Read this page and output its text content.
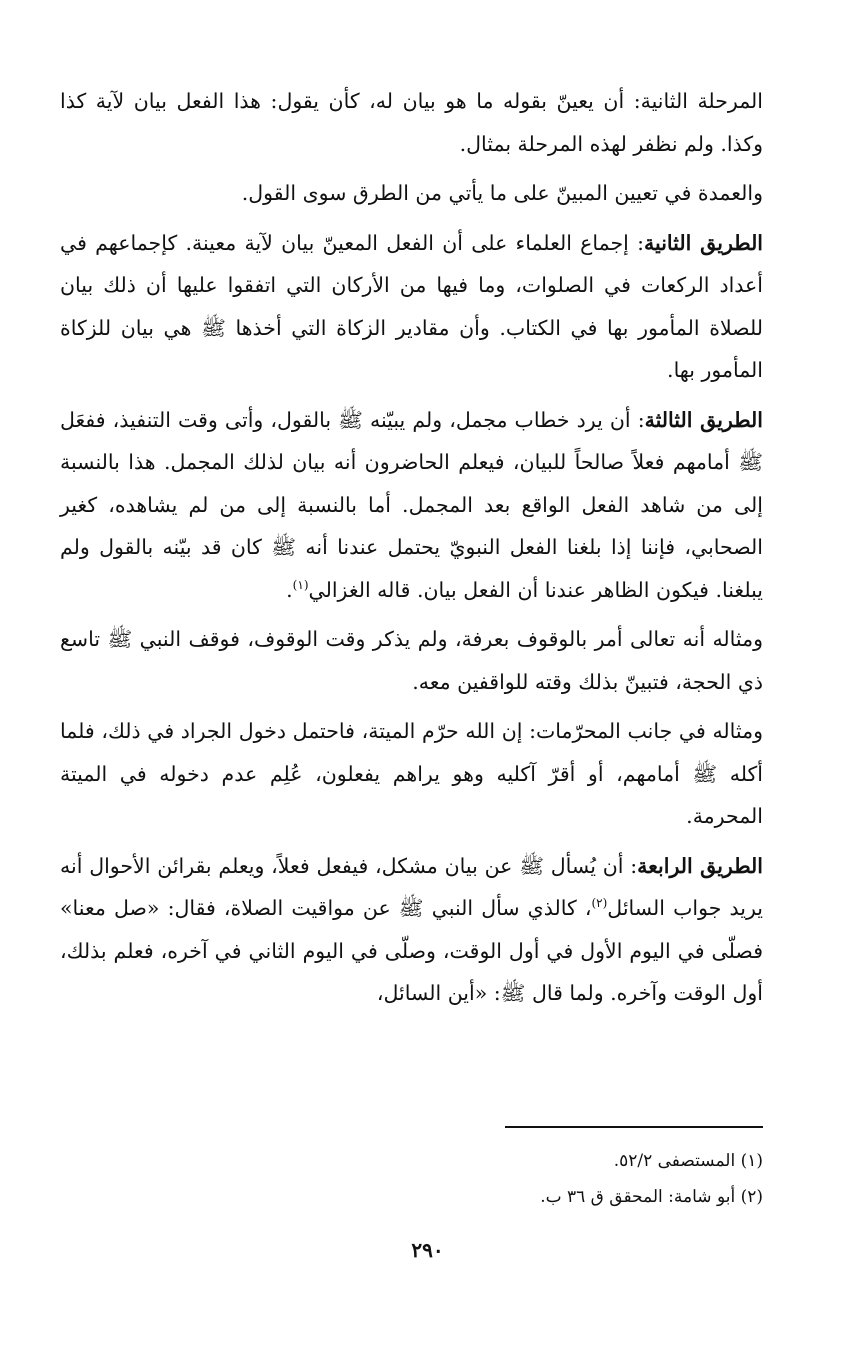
المرحلة الثانية: أن يعينّ بقوله ما هو بيان له، كأن يقول: هذا الفعل بيان لآية كذا وكذا. ولم نظفر لهذه المرحلة بمثال.

والعمدة في تعيين المبينّ على ما يأتي من الطرق سوى القول.

الطريق الثانية: إجماع العلماء على أن الفعل المعينّ بيان لآية معينة. كإجماعهم في أعداد الركعات في الصلوات، وما فيها من الأركان التي اتفقوا عليها أن ذلك بيان للصلاة المأمور بها في الكتاب. وأن مقادير الزكاة التي أخذها ﷺ هي بيان للزكاة المأمور بها.

الطريق الثالثة: أن يرد خطاب مجمل، ولم يبيّنه ﷺ بالقول، وأتى وقت التنفيذ، ففعَل ﷺ أمامهم فعلاً صالحاً للبيان، فيعلم الحاضرون أنه بيان لذلك المجمل. هذا بالنسبة إلى من شاهد الفعل الواقع بعد المجمل. أما بالنسبة إلى من لم يشاهده، كغير الصحابي، فإننا إذا بلغنا الفعل النبويّ يحتمل عندنا أنه ﷺ كان قد بيّنه بالقول ولم يبلغنا. فيكون الظاهر عندنا أن الفعل بيان. قاله الغزالي$^{(١)}$.

ومثاله أنه تعالى أمر بالوقوف بعرفة، ولم يذكر وقت الوقوف، فوقف النبي ﷺ تاسع ذي الحجة، فتبينّ بذلك وقته للواقفين معه.

ومثاله في جانب المحرّمات: إن الله حرّم الميتة، فاحتمل دخول الجراد في ذلك، فلما أكله ﷺ أمامهم، أو أقرّ آكليه وهو يراهم يفعلون، عُلِم عدم دخوله في الميتة المحرمة.

الطريق الرابعة: أن يُسأل ﷺ عن بيان مشكل، فيفعل فعلاً، ويعلم بقرائن الأحوال أنه يريد جواب السائل$^{(٢)}$، كالذي سأل النبي ﷺ عن مواقيت الصلاة، فقال: «صل معنا» فصلّى في اليوم الأول في أول الوقت، وصلّى في اليوم الثاني في آخره، فعلم بذلك، أول الوقت وآخره. ولما قال ﷺ: «أين السائل،

(١) المستصفى ٥٢/٢.

(٢) أبو شامة: المحقق ق ٣٦ ب.

٢٩٠
